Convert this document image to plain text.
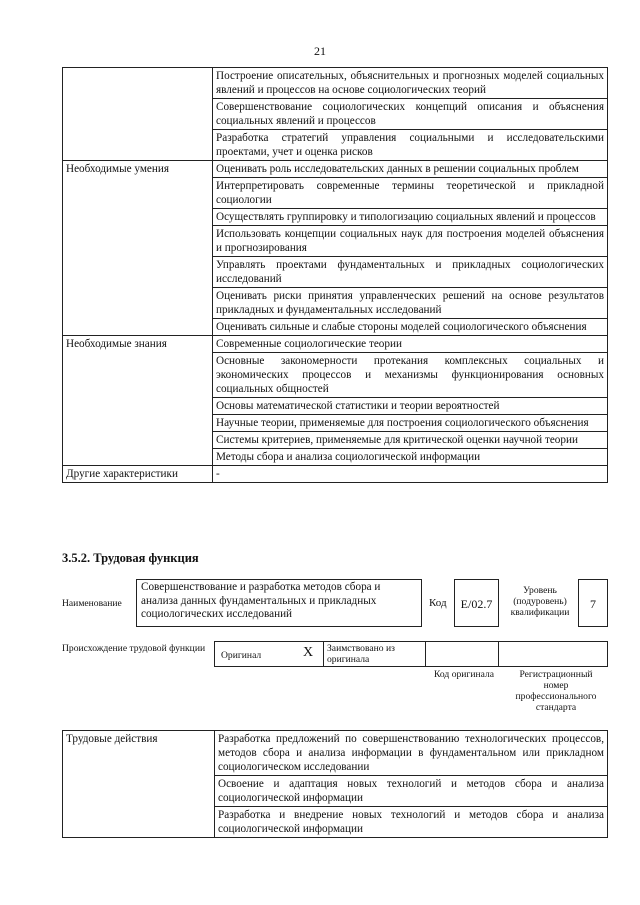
21
	Построение описательных, объяснительных и прогнозных моделей социальных явлений и процессов на основе социологических теорий
	Совершенствование социологических концепций описания и объяснения социальных явлений и процессов
	Разработка стратегий управления социальными и исследовательскими проектами, учет и оценка рисков
Необходимые умения	Оценивать роль исследовательских данных в решении социальных проблем
	Интерпретировать современные термины теоретической и прикладной социологии
	Осуществлять группировку и типологизацию социальных явлений и процессов
	Использовать концепции социальных наук для построения моделей объяснения и прогнозирования
	Управлять проектами фундаментальных и прикладных социологических исследований
	Оценивать риски принятия управленческих решений на основе результатов прикладных и фундаментальных исследований
	Оценивать сильные и слабые стороны моделей социологического объяснения
Необходимые знания	Современные социологические теории
	Основные закономерности протекания комплексных социальных и экономических процессов и механизмы функционирования основных социальных общностей
	Основы математической статистики и теории вероятностей
	Научные теории, применяемые для построения социологического объяснения
	Системы критериев, применяемые для критической оценки научной теории
	Методы сбора и анализа социологической информации
Другие характеристики	-
3.5.2. Трудовая функция
Наименование
Совершенствование и разработка методов сбора и анализа данных фундаментальных и прикладных социологических исследований
Код	E/02.7
Уровень (подуровень) квалификации
7
Происхождение трудовой функции
Оригинал	X	Заимствовано из оригинала
Код оригинала	Регистрационный номер профессионального стандарта
Трудовые действия	Разработка предложений по совершенствованию технологических процессов, методов сбора и анализа информации в фундаментальном или прикладном социологическом исследовании
Освоение и адаптация новых технологий и методов сбора и анализа социологической информации
Разработка и внедрение новых технологий и методов сбора и анализа социологической информации
